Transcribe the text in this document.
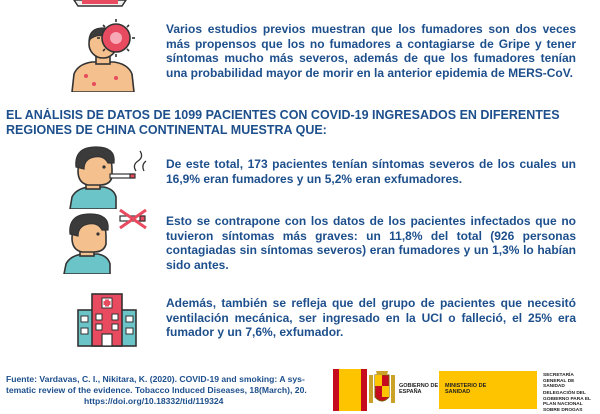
Varios estudios previos muestran que los fumadores son dos veces más propensos que los no fumadores a contagiarse de Gripe y tener síntomas mucho más severos, además de que los fumadores tenían una probabilidad mayor de morir en la anterior epidemia de MERS-CoV.

EL ANÁLISIS DE DATOS DE 1099 PACIENTES CON COVID-19 INGRESADOS EN DIFERENTES

REGIONES DE CHINA CONTINENTAL MUESTRA QUE:

De este total, 173 pacientes tenían síntomas severos de los cuales un 16,9% eran fumadores y un 5,2% eran exfumadores.

Esto se contrapone con los datos de los pacientes infectados que no tuvieron síntomas más graves: un 11,8% del total (926 personas contagiadas sin síntomas severos) eran fumadores y un 1,3% lo habían sido antes.

Además, también se refleja que del grupo de pacientes que necesitó ventilación mecánica, ser ingresado en la UCI o falleció, el 25% era fumador y un 7,6%, exfumador.

Fuente: Vardavas, C. I., Nikitara, K. (2020). COVID-19 and smoking: A sys-

tematic review of the evidence. Tobacco Induced Diseases, 18(March), 20.

https://doi.org/10.18332/tid/119324

GOBIERNO DE ESPAÑA
MINISTERIO DE SANIDAD
SECRETARÍA GENERAL DE SANIDAD
DELEGACIÓN DEL GOBIERNO PARA EL PLAN NACIONAL SOBRE DROGAS
